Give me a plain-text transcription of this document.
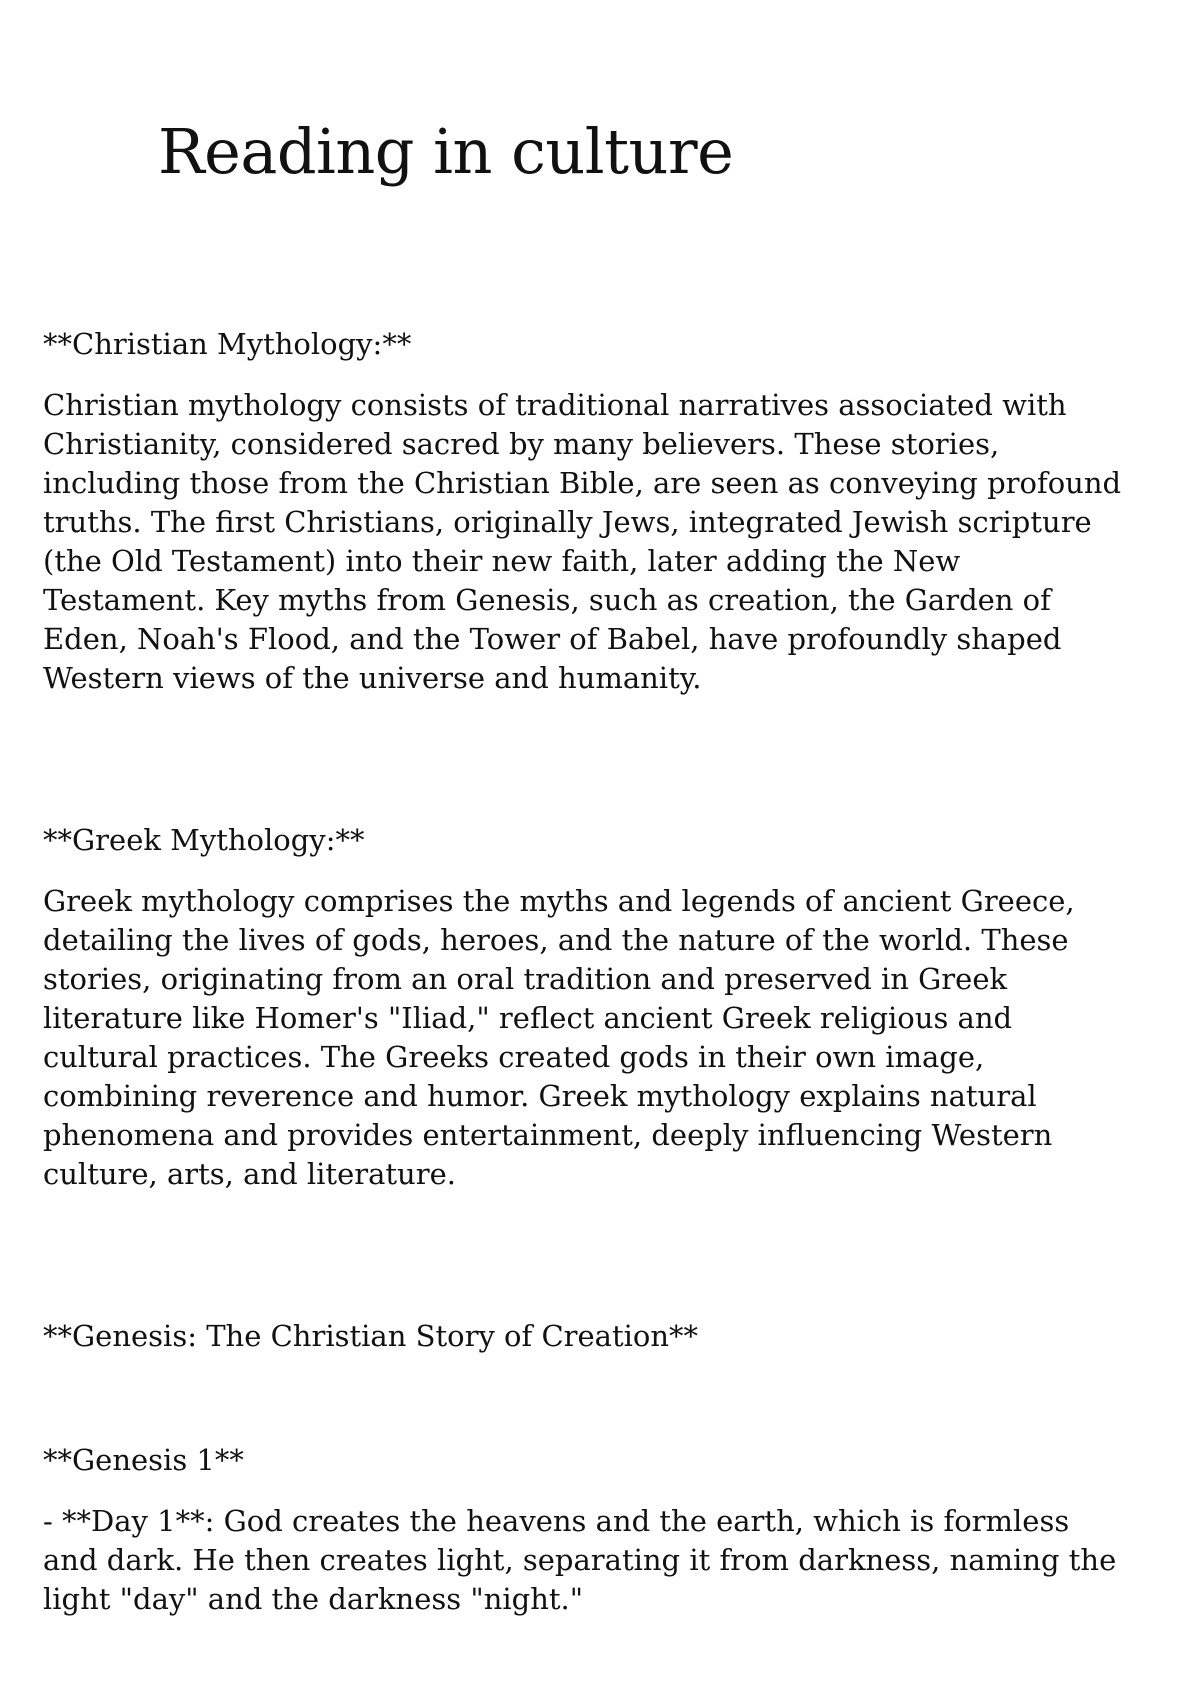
Reading in culture

**Christian Mythology:**

Christian mythology consists of traditional narratives associated with Christianity, considered sacred by many believers. These stories, including those from the Christian Bible, are seen as conveying profound truths. The first Christians, originally Jews, integrated Jewish scripture (the Old Testament) into their new faith, later adding the New Testament. Key myths from Genesis, such as creation, the Garden of Eden, Noah's Flood, and the Tower of Babel, have profoundly shaped Western views of the universe and humanity.

**Greek Mythology:**

Greek mythology comprises the myths and legends of ancient Greece, detailing the lives of gods, heroes, and the nature of the world. These stories, originating from an oral tradition and preserved in Greek literature like Homer's "Iliad," reflect ancient Greek religious and cultural practices. The Greeks created gods in their own image, combining reverence and humor. Greek mythology explains natural phenomena and provides entertainment, deeply influencing Western culture, arts, and literature.

**Genesis: The Christian Story of Creation**

**Genesis 1**

- **Day 1**: God creates the heavens and the earth, which is formless and dark. He then creates light, separating it from darkness, naming the light "day" and the darkness "night."
